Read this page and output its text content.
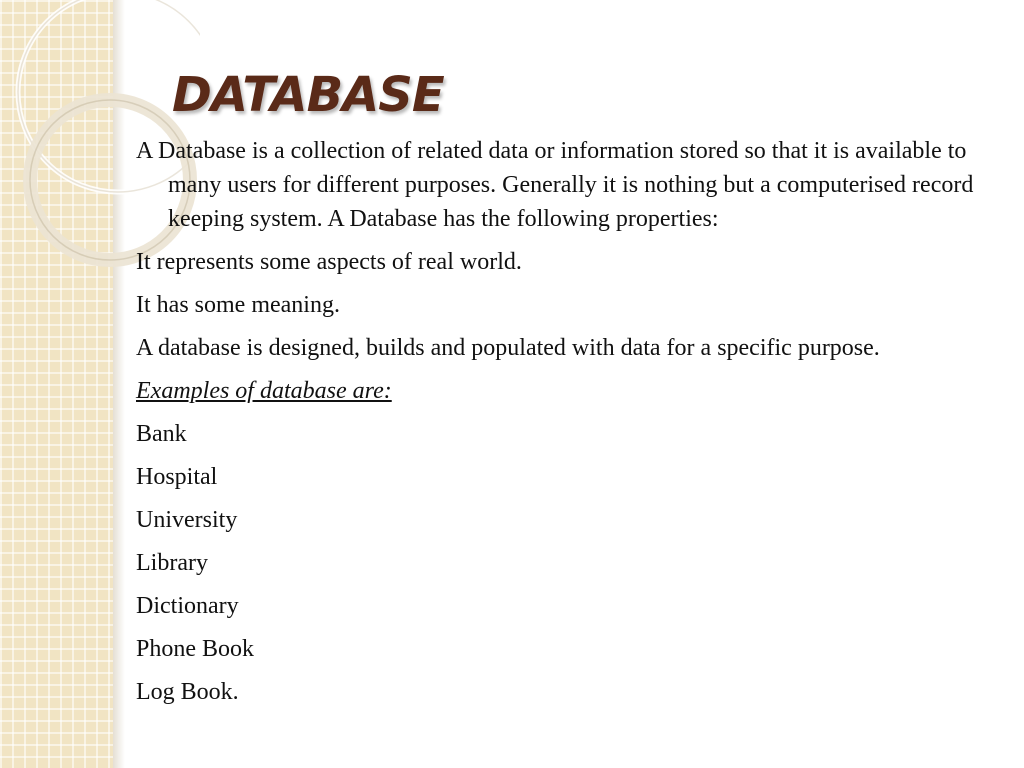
DATABASE

A Database is a collection of related data or information stored so that it is available to many users for different purposes. Generally it is nothing but a computerised record keeping system. A Database has the following properties:

It represents some aspects of real world.

It has some meaning.

A database is designed, builds and populated with data for a specific purpose.

Examples of database are:

Bank

Hospital

University

Library

Dictionary

Phone Book

Log Book.
